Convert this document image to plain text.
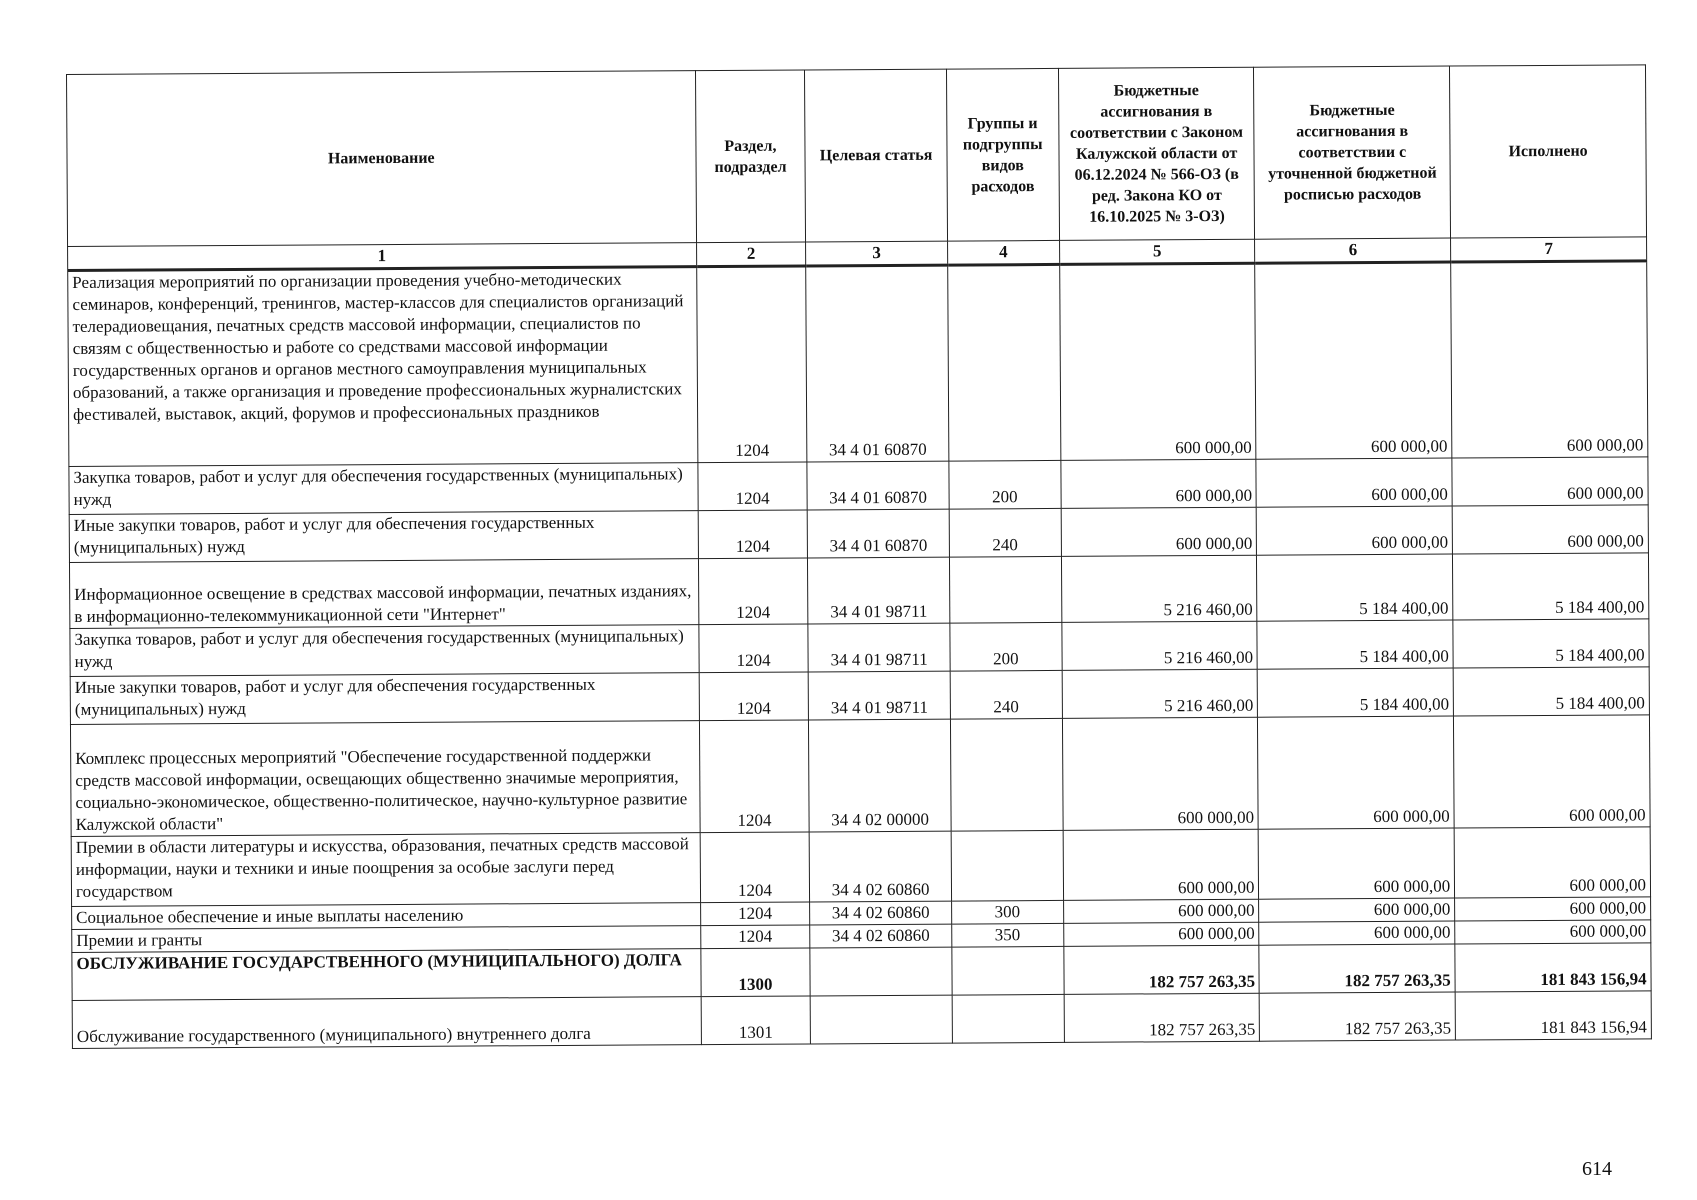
Наименование	Раздел, подраздел	Целевая статья	Группы и подгруппы видов расходов	Бюджетные ассигнования в соответствии с Законом Калужской области от 06.12.2024 № 566-ОЗ (в ред. Закона КО от 16.10.2025 № 3-ОЗ)	Бюджетные ассигнования в соответствии с уточненной бюджетной росписью расходов	Исполнено
1	2	3	4	5	6	7
Реализация мероприятий по организации проведения учебно-методических семинаров, конференций, тренингов, мастер-классов для специалистов организаций телерадиовещания, печатных средств массовой информации, специалистов по связям с общественностью и работе со средствами массовой информации государственных органов и органов местного самоуправления муниципальных образований, а также организация и проведение профессиональных журналистских фестивалей, выставок, акций, форумов и профессиональных праздников	1204	34 4 01 60870		600 000,00	600 000,00	600 000,00
Закупка товаров, работ и услуг для обеспечения государственных (муниципальных) нужд	1204	34 4 01 60870	200	600 000,00	600 000,00	600 000,00
Иные закупки товаров, работ и услуг для обеспечения государственных (муниципальных) нужд	1204	34 4 01 60870	240	600 000,00	600 000,00	600 000,00
Информационное освещение в средствах массовой информации, печатных изданиях, в информационно-телекоммуникационной сети "Интернет"	1204	34 4 01 98711		5 216 460,00	5 184 400,00	5 184 400,00
Закупка товаров, работ и услуг для обеспечения государственных (муниципальных) нужд	1204	34 4 01 98711	200	5 216 460,00	5 184 400,00	5 184 400,00
Иные закупки товаров, работ и услуг для обеспечения государственных (муниципальных) нужд	1204	34 4 01 98711	240	5 216 460,00	5 184 400,00	5 184 400,00
Комплекс процессных мероприятий "Обеспечение государственной поддержки средств массовой информации, освещающих общественно значимые мероприятия, социально-экономическое, общественно-политическое, научно-культурное развитие Калужской области"	1204	34 4 02 00000		600 000,00	600 000,00	600 000,00
Премии в области литературы и искусства, образования, печатных средств массовой информации, науки и техники и иные поощрения за особые заслуги перед государством	1204	34 4 02 60860		600 000,00	600 000,00	600 000,00
Социальное обеспечение и иные выплаты населению	1204	34 4 02 60860	300	600 000,00	600 000,00	600 000,00
Премии и гранты	1204	34 4 02 60860	350	600 000,00	600 000,00	600 000,00
ОБСЛУЖИВАНИЕ ГОСУДАРСТВЕННОГО (МУНИЦИПАЛЬНОГО) ДОЛГА	1300			182 757 263,35	182 757 263,35	181 843 156,94
Обслуживание государственного (муниципального) внутреннего долга	1301			182 757 263,35	182 757 263,35	181 843 156,94
614
